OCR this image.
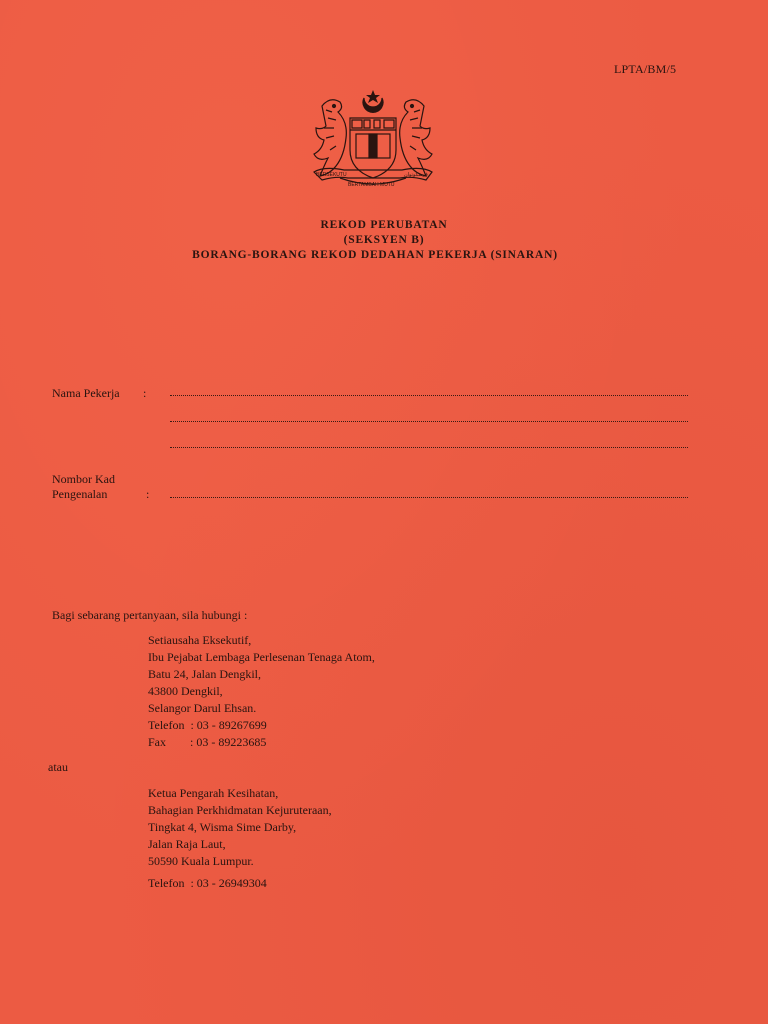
LPTA/BM/5
BERSEKUTU
BERTAMBAH MUTU
ڤرسكوتوان
REKOD PERUBATAN
(SEKSYEN B)
BORANG-BORANG REKOD DEDAHAN PEKERJA (SINARAN)
Nama Pekerja :
Nombor Kad
Pengenalan	:
Bagi sebarang pertanyaan, sila hubungi :
Setiausaha Eksekutif,
Ibu Pejabat Lembaga Perlesenan Tenaga Atom,
Batu 24, Jalan Dengkil,
43800 Dengkil,
Selangor Darul Ehsan.
Telefon  : 03 - 89267699
Fax        : 03 - 89223685
atau
Ketua Pengarah Kesihatan,
Bahagian Perkhidmatan Kejuruteraan,
Tingkat 4, Wisma Sime Darby,
Jalan Raja Laut,
50590 Kuala Lumpur.
Telefon  : 03 - 26949304
